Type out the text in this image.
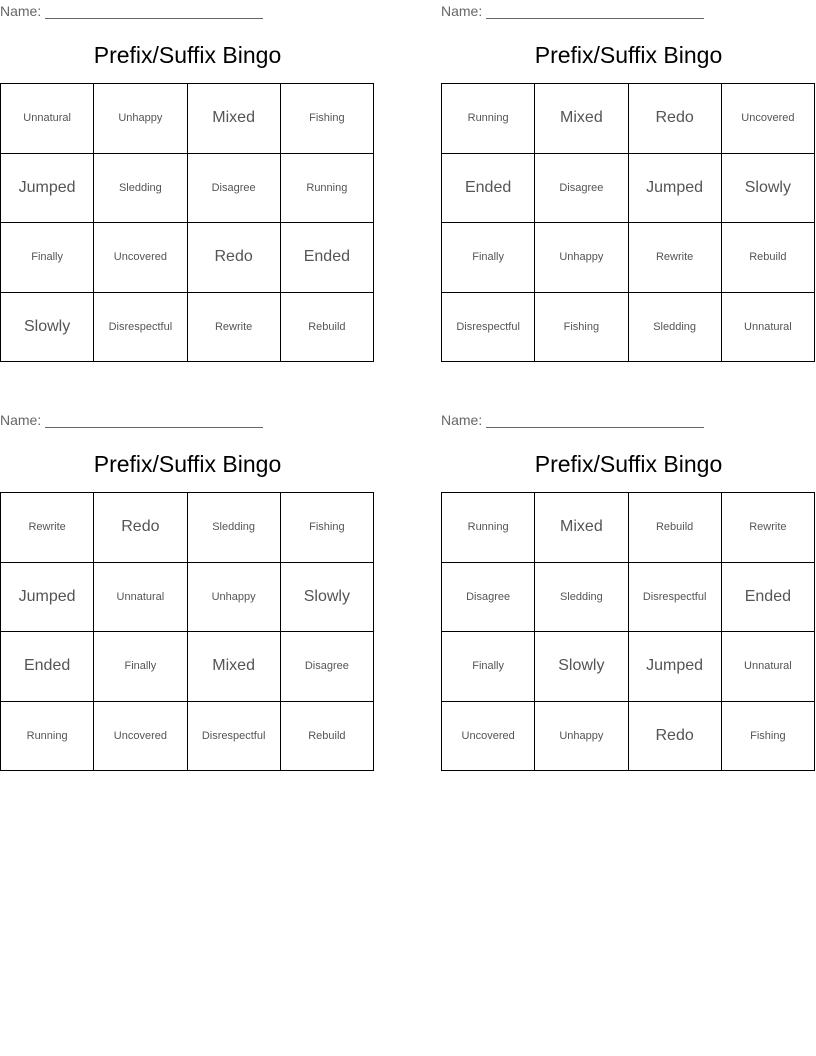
Name:
Prefix/Suffix Bingo
Unnatural	Unhappy	Mixed	Fishing
Jumped	Sledding	Disagree	Running
Finally	Uncovered	Redo	Ended
Slowly	Disrespectful	Rewrite	Rebuild
Name:
Prefix/Suffix Bingo
Running	Mixed	Redo	Uncovered
Ended	Disagree	Jumped	Slowly
Finally	Unhappy	Rewrite	Rebuild
Disrespectful	Fishing	Sledding	Unnatural
Name:
Prefix/Suffix Bingo
Rewrite	Redo	Sledding	Fishing
Jumped	Unnatural	Unhappy	Slowly
Ended	Finally	Mixed	Disagree
Running	Uncovered	Disrespectful	Rebuild
Name:
Prefix/Suffix Bingo
Running	Mixed	Rebuild	Rewrite
Disagree	Sledding	Disrespectful	Ended
Finally	Slowly	Jumped	Unnatural
Uncovered	Unhappy	Redo	Fishing
